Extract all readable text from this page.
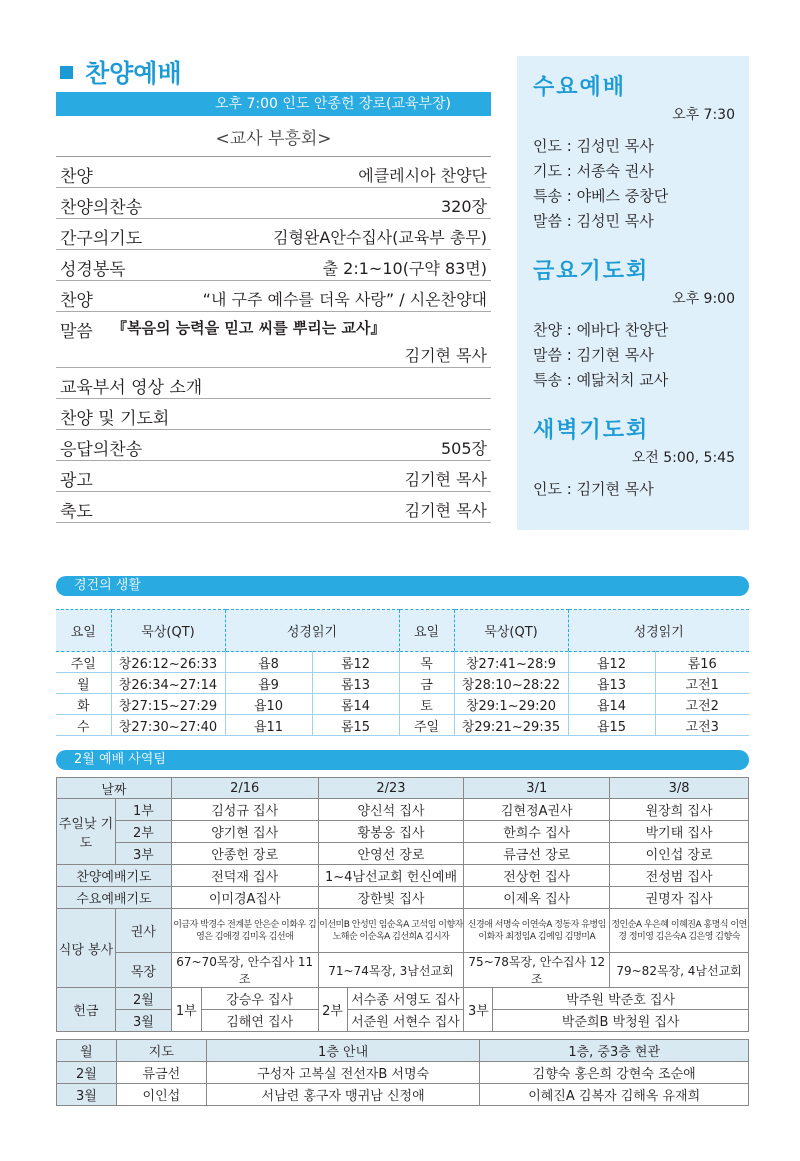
찬양예배
오후 7:00 인도 안종헌 장로(교육부장)
<교사 부흥회>
찬양	에클레시아 찬양단
찬양의찬송	320장
간구의기도	김형완A안수집사(교육부 총무)
성경봉독	출 2:1~10(구약 83면)
찬양	“내 구주 예수를 더욱 사랑” / 시온찬양대
말씀 『복음의 능력을 믿고 씨를 뿌리는 교사』
김기현 목사
교육부서 영상 소개
찬양 및 기도회
응답의찬송	505장
광고	김기현 목사
축도	김기현 목사
수요예배
오후 7:30
인도 : 김성민 목사
기도 : 서종숙 권사
특송 : 야베스 중창단
말씀 : 김성민 목사
금요기도회
오후 9:00
찬양 : 에바다 찬양단
말씀 : 김기현 목사
특송 : 예닮처치 교사
새벽기도회
오전 5:00, 5:45
인도 : 김기현 목사
경건의 생활
요일	묵상(QT)	성경읽기		요일	묵상(QT)	성경읽기	
주일	창26:12~26:33	욥8	롬12	목	창27:41~28:9	욥12	롬16
월	창26:34~27:14	욥9	롬13	금	창28:10~28:22	욥13	고전1
화	창27:15~27:29	욥10	롬14	토	창29:1~29:20	욥14	고전2
수	창27:30~27:40	욥11	롬15	주일	창29:21~29:35	욥15	고전3
2월 예배 사역팀
날짜		2/16		2/23		3/1		3/8
주일낮 기도	1부	김성규 집사		양신석 집사		김현정A권사		원장희 집사
	2부	양기현 집사		황봉웅 집사		한희수 집사		박기태 집사
	3부	안종헌 장로		안영선 장로		류금선 장로		이인섭 장로
찬양예배기도		전덕재 집사		1~4남선교회 헌신예배		전상헌 집사		전성범 집사
수요예배기도		이미경A집사		장한빛 집사		이제옥 집사		권명자 집사
식당 봉사	권사	이금자 박경수 전계분 안은순 이화우 김영은 김애경 김미옥 김선애		이선미B 안성민 임순옥A 고석임 이향자 노해순 이순옥A 김선희A 김시자		신경애 서명숙 이연숙A 정동자 유병임 이화자 최정임A 김예임 김명미A		정인순A 우은혜 이혜진A 홍명식 이연경 정미영 김은숙A 김은영 김향숙
	목장	67~70목장, 안수집사 11조		71~74목장, 3남선교회		75~78목장, 안수집사 12조		79~82목장, 4남선교회
헌금	2월	1부	강승우 집사	2부	서수종 서영도 집사	3부	박주원 박준호 집사	
	3월		김해연 집사		서준원 서현수 집사		박준희B 박청원 집사	
월	지도	1층 안내	1층, 중3층 현관
2월	류금선	구성자 고복실 전선자B 서명숙	김향숙 홍은희 강현숙 조순애
3월	이인섭	서남련 홍구자 맹귀남 신정애	이혜진A 김복자 김해옥 유재희
